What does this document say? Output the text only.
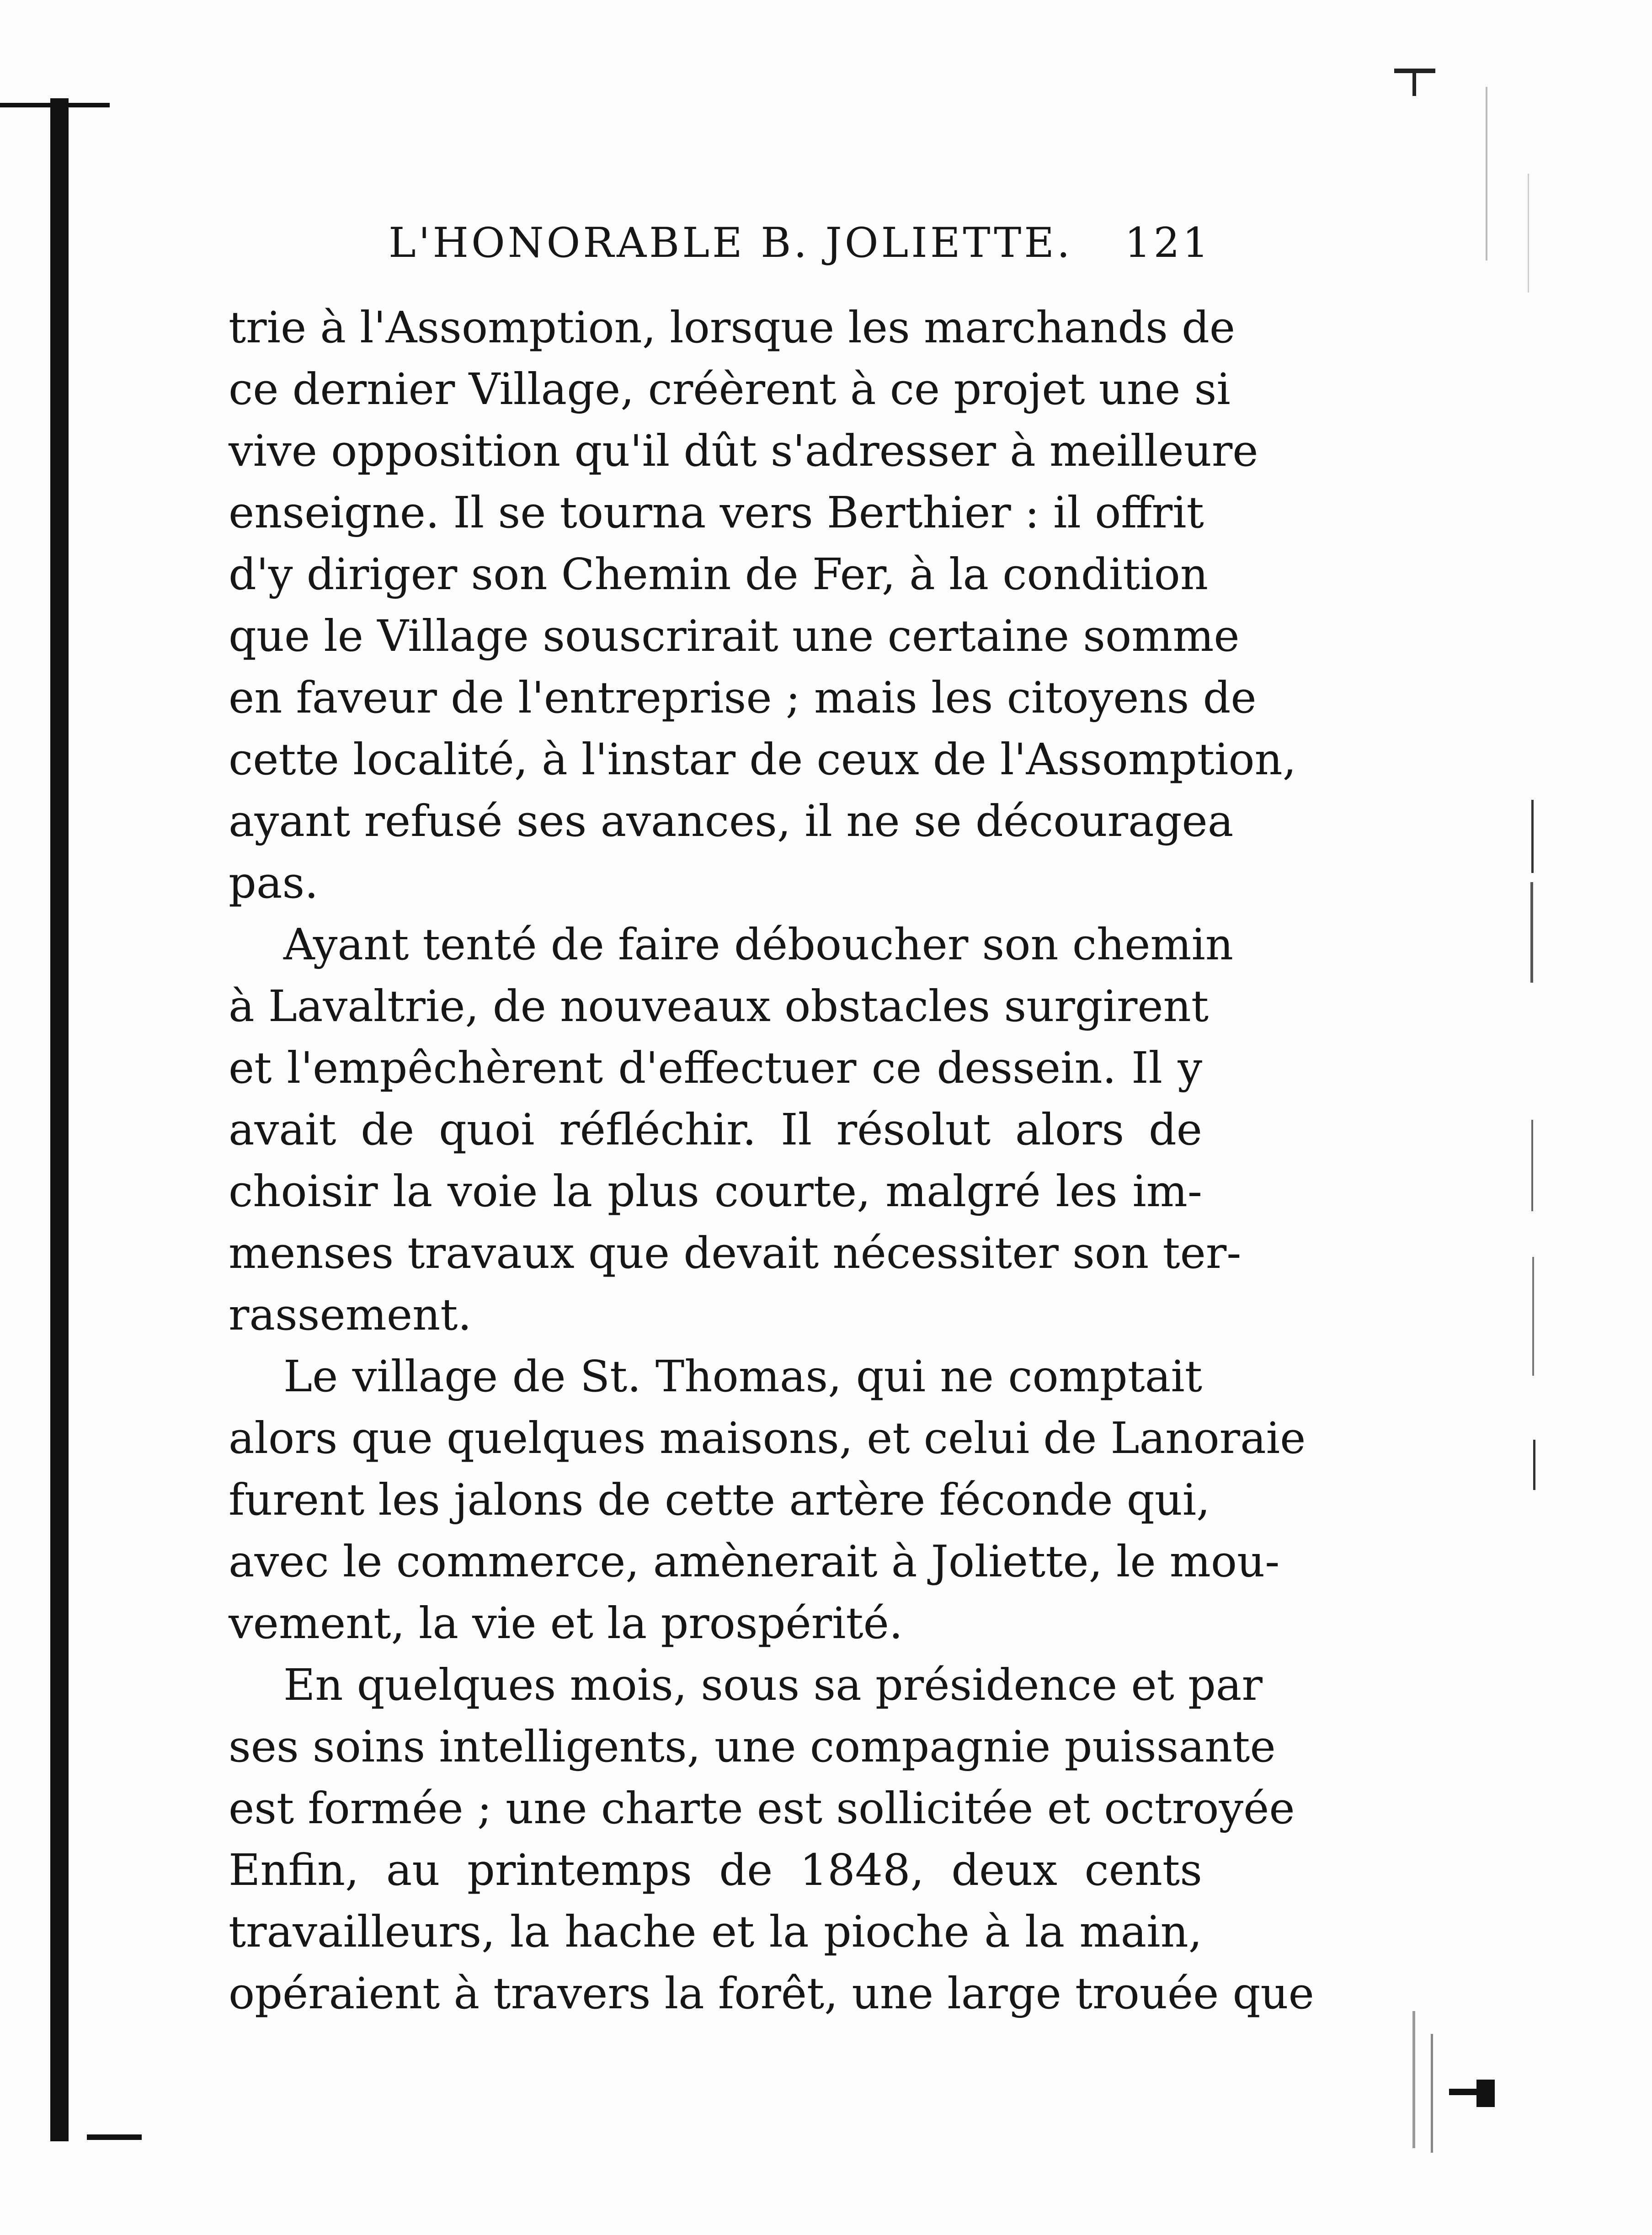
L'HONORABLE B. JOLIETTE. 121

trie à l'Assomption, lorsque les marchands de
ce dernier Village, créèrent à ce projet une si
vive opposition qu'il dût s'adresser à meilleure
enseigne. Il se tourna vers Berthier : il offrit
d'y diriger son Chemin de Fer, à la condition
que le Village souscrirait une certaine somme
en faveur de l'entreprise ; mais les citoyens de
cette localité, à l'instar de ceux de l'Assomption,
ayant refusé ses avances, il ne se découragea
pas.

Ayant tenté de faire déboucher son chemin
à Lavaltrie, de nouveaux obstacles surgirent
et l'empêchèrent d'effectuer ce dessein. Il y
avait de quoi réfléchir. Il résolut alors de
choisir la voie la plus courte, malgré les im-
menses travaux que devait nécessiter son ter-
rassement.

Le village de St. Thomas, qui ne comptait
alors que quelques maisons, et celui de Lanoraie
furent les jalons de cette artère féconde qui,
avec le commerce, amènerait à Joliette, le mou-
vement, la vie et la prospérité.

En quelques mois, sous sa présidence et par
ses soins intelligents, une compagnie puissante
est formée ; une charte est sollicitée et octroyée
Enfin, au printemps de 1848, deux cents
travailleurs, la hache et la pioche à la main,
opéraient à travers la forêt, une large trouée que
